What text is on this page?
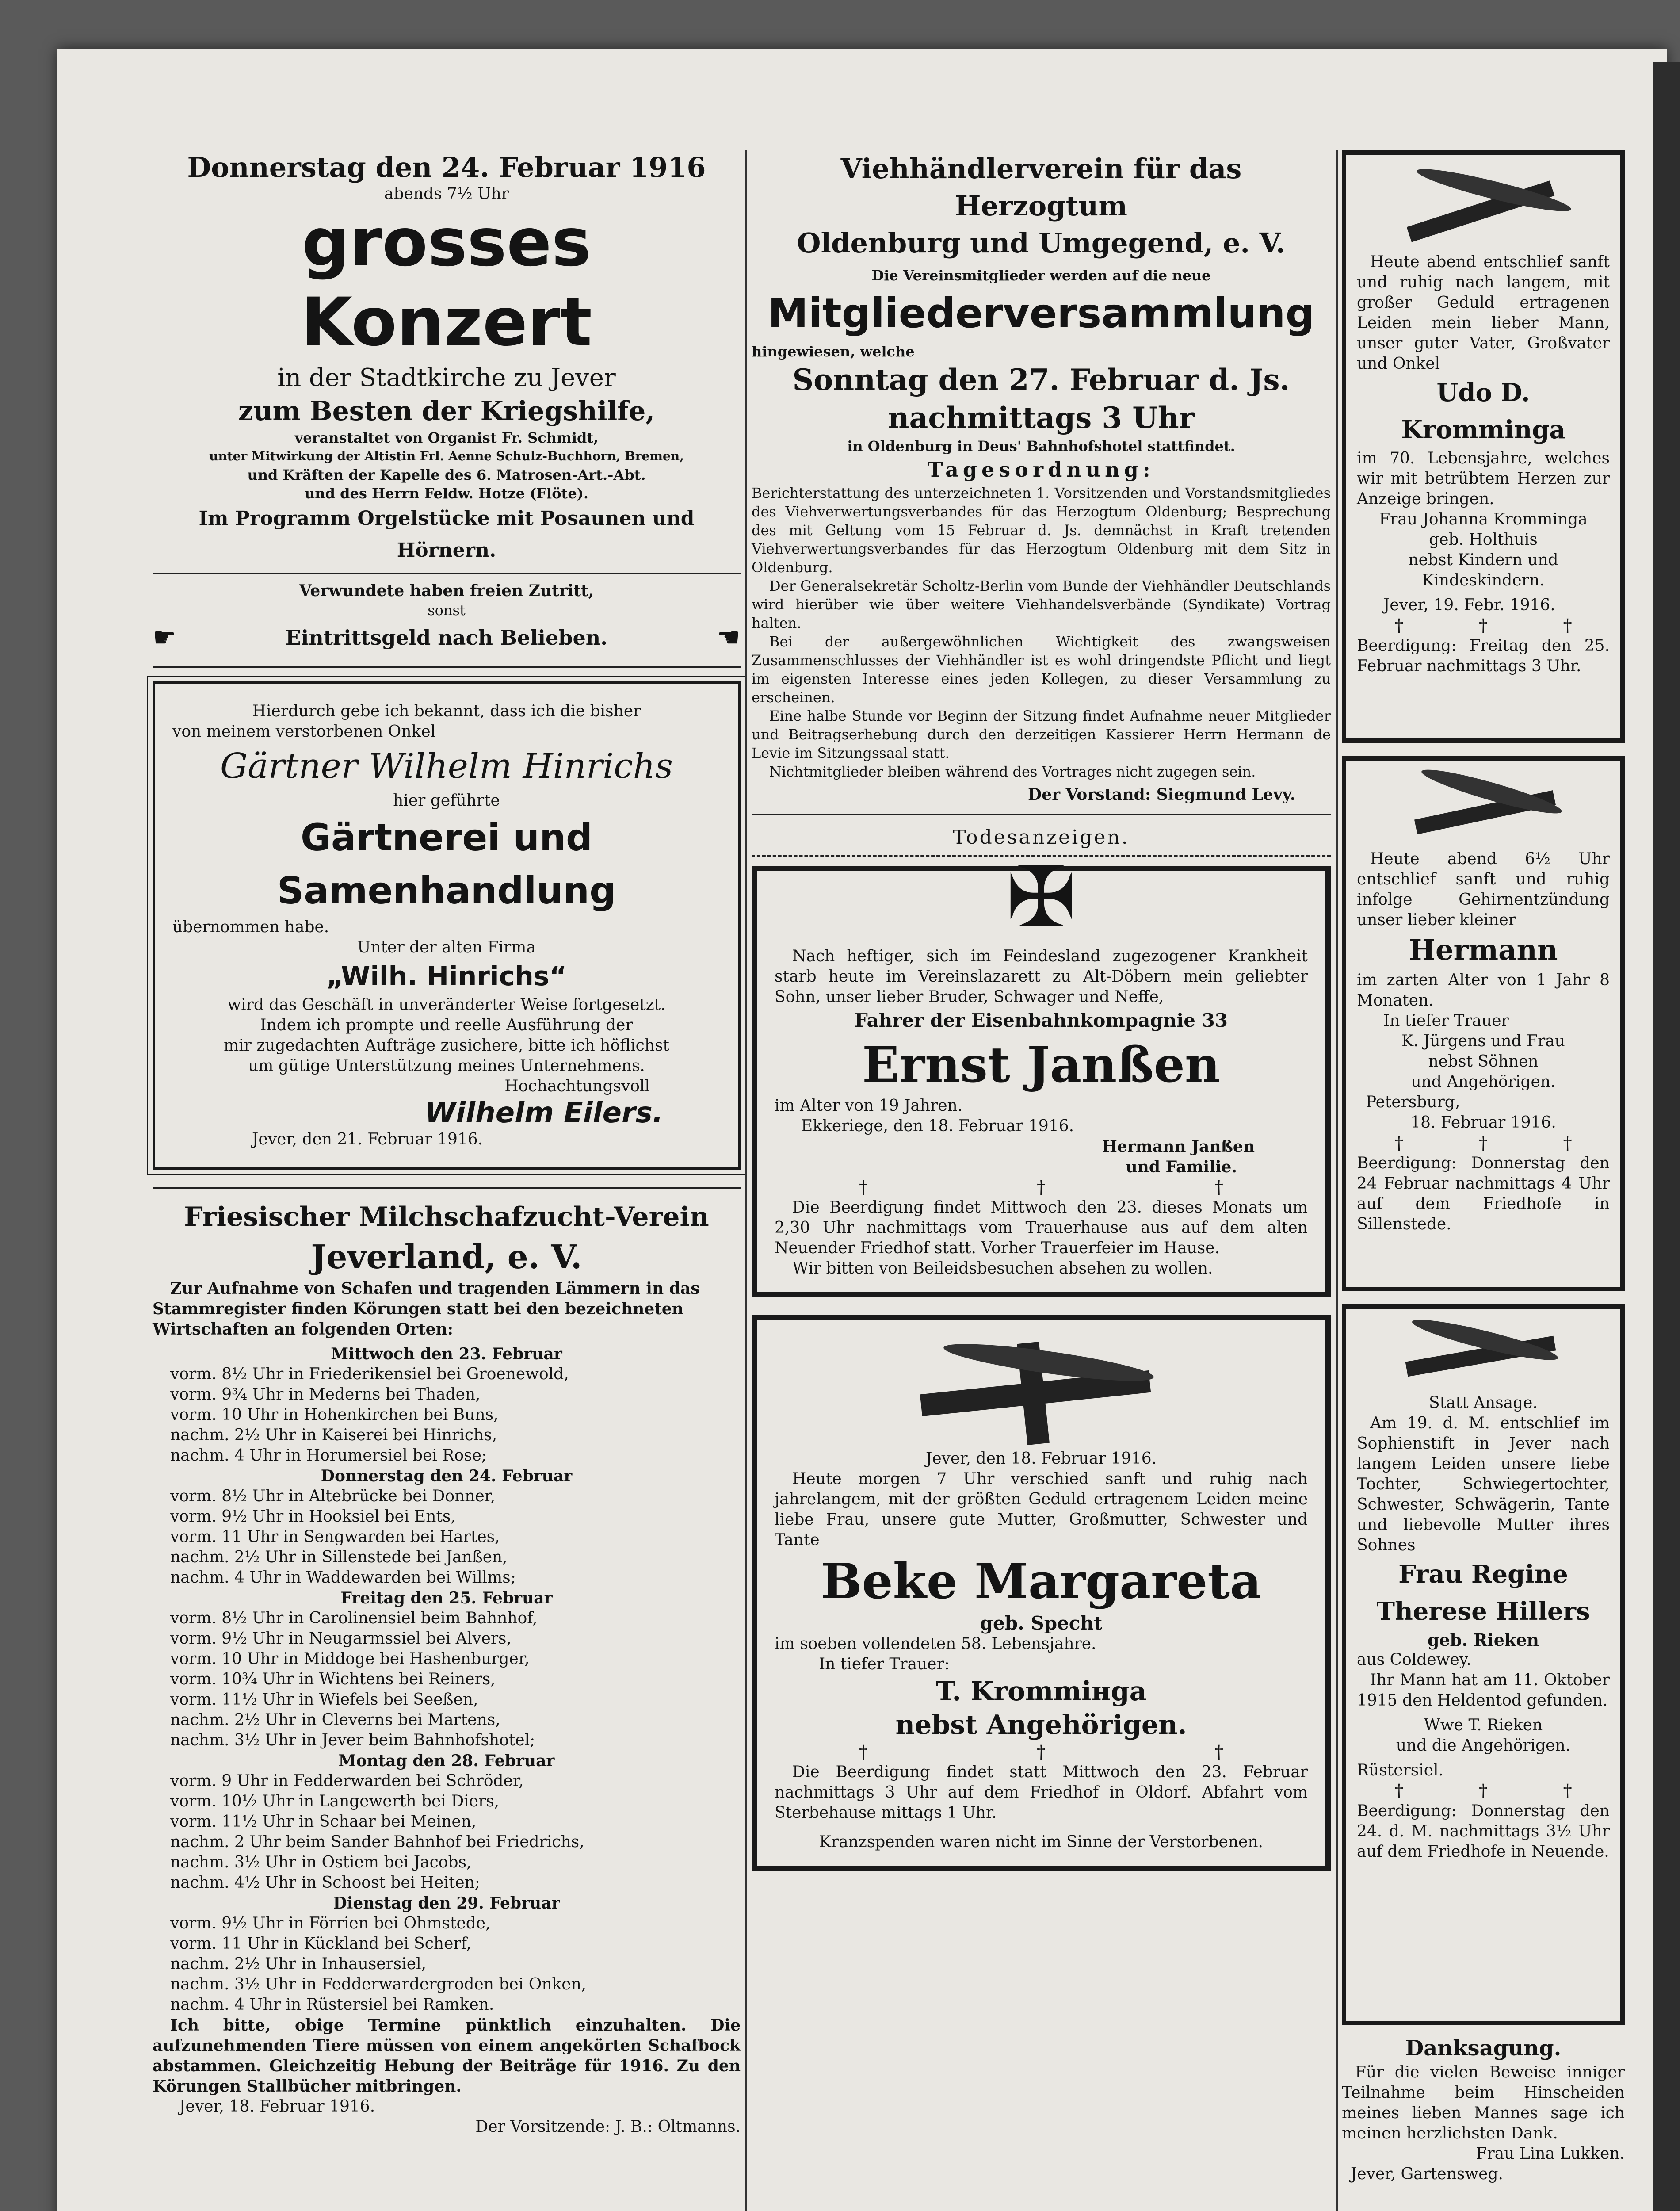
Donnerstag den 24. Februar 1916
abends 7½ Uhr
grosses Konzert
in der Stadtkirche zu Jever
zum Besten der Kriegshilfe,
veranstaltet von Organist Fr. Schmidt,
unter Mitwirkung der Altistin Frl. Aenne Schulz-Buchhorn, Bremen,
und Kräften der Kapelle des 6. Matrosen-Art.-Abt.
und des Herrn Feldw. Hotze (Flöte).
Im Programm Orgelstücke mit Posaunen und Hörnern.
Verwundete haben freien Zutritt,
sonst
☛	Eintrittsgeld nach Belieben.	☛
Hierdurch gebe ich bekannt, dass ich die bisher
von meinem verstorbenen Onkel
Gärtner Wilhelm Hinrichs
hier geführte
Gärtnerei und Samenhandlung
übernommen habe.
Unter der alten Firma
„Wilh. Hinrichs“
wird das Geschäft in unveränderter Weise fortgesetzt.
Indem ich prompte und reelle Ausführung der
mir zugedachten Aufträge zusichere, bitte ich höflichst
um gütige Unterstützung meines Unternehmens.
Hochachtungsvoll
Wilhelm Eilers.
Jever, den 21. Februar 1916.
Friesischer Milchschafzucht-Verein
Jeverland, e. V.
Zur Aufnahme von Schafen und tragenden Lämmern in das Stammregister finden Körungen statt bei den bezeichneten Wirtschaften an folgenden Orten:
Mittwoch den 23. Februar
vorm. 8½ Uhr in Friederikensiel bei Groenewold,
vorm. 9¾ Uhr in Mederns bei Thaden,
vorm. 10 Uhr in Hohenkirchen bei Buns,
nachm. 2½ Uhr in Kaiserei bei Hinrichs,
nachm. 4 Uhr in Horumersiel bei Rose;
Donnerstag den 24. Februar
vorm. 8½ Uhr in Altebrücke bei Donner,
vorm. 9½ Uhr in Hooksiel bei Ents,
vorm. 11 Uhr in Sengwarden bei Hartes,
nachm. 2½ Uhr in Sillenstede bei Janßen,
nachm. 4 Uhr in Waddewarden bei Willms;
Freitag den 25. Februar
vorm. 8½ Uhr in Carolinensiel beim Bahnhof,
vorm. 9½ Uhr in Neugarmssiel bei Alvers,
vorm. 10 Uhr in Middoge bei Hashenburger,
vorm. 10¾ Uhr in Wichtens bei Reiners,
vorm. 11½ Uhr in Wiefels bei Seeßen,
nachm. 2½ Uhr in Cleverns bei Martens,
nachm. 3½ Uhr in Jever beim Bahnhofshotel;
Montag den 28. Februar
vorm. 9 Uhr in Fedderwarden bei Schröder,
vorm. 10½ Uhr in Langewerth bei Diers,
vorm. 11½ Uhr in Schaar bei Meinen,
nachm. 2 Uhr beim Sander Bahnhof bei Friedrichs,
nachm. 3½ Uhr in Ostiem bei Jacobs,
nachm. 4½ Uhr in Schoost bei Heiten;
Dienstag den 29. Februar
vorm. 9½ Uhr in Förrien bei Ohmstede,
vorm. 11 Uhr in Kückland bei Scherf,
nachm. 2½ Uhr in Inhausersiel,
nachm. 3½ Uhr in Fedderwardergroden bei Onken,
nachm. 4 Uhr in Rüstersiel bei Ramken.
Ich bitte, obige Termine pünktlich einzuhalten. Die aufzunehmenden Tiere müssen von einem angekörten Schafbock abstammen. Gleichzeitig Hebung der Beiträge für 1916. Zu den Körungen Stallbücher mitbringen.
Jever, 18. Februar 1916.
Der Vorsitzende: J. B.: Oltmanns.
Viehhändlerverein für das Herzogtum
Oldenburg und Umgegend, e. V.
Die Vereinsmitglieder werden auf die neue
Mitgliederversammlung
hingewiesen, welche
Sonntag den 27. Februar d. Js.
nachmittags 3 Uhr
in Oldenburg in Deus' Bahnhofshotel stattfindet.
Tagesordnung:
Berichterstattung des unterzeichneten 1. Vorsitzenden und Vorstandsmitgliedes des Viehverwertungsverbandes für das Herzogtum Oldenburg; Besprechung des mit Geltung vom 15 Februar d. Js. demnächst in Kraft tretenden Viehverwertungsverbandes für das Herzogtum Oldenburg mit dem Sitz in Oldenburg.
Der Generalsekretär Scholtz-Berlin vom Bunde der Viehhändler Deutschlands wird hierüber wie über weitere Viehhandelsverbände (Syndikate) Vortrag halten.
Bei der außergewöhnlichen Wichtigkeit des zwangsweisen Zusammenschlusses der Viehhändler ist es wohl dringendste Pflicht und liegt im eigensten Interesse eines jeden Kollegen, zu dieser Versammlung zu erscheinen.
Eine halbe Stunde vor Beginn der Sitzung findet Aufnahme neuer Mitglieder und Beitragserhebung durch den derzeitigen Kassierer Herrn Hermann de Levie im Sitzungssaal statt.
Nichtmitglieder bleiben während des Vortrages nicht zugegen sein.
Der Vorstand: Siegmund Levy.
Todesanzeigen.
✠
Nach heftiger, sich im Feindesland zugezogener Krankheit starb heute im Vereinslazarett zu Alt-Döbern mein geliebter Sohn, unser lieber Bruder, Schwager und Neffe,
Fahrer der Eisenbahnkompagnie 33
Ernst Janßen
im Alter von 19 Jahren.
Ekkeriege, den 18. Februar 1916.
Hermann Janßen
und Familie.
†	†	†
Die Beerdigung findet Mittwoch den 23. dieses Monats um 2,30 Uhr nachmittags vom Trauerhause aus auf dem alten Neuender Friedhof statt. Vorher Trauerfeier im Hause.
Wir bitten von Beileidsbesuchen absehen zu wollen.
Jever, den 18. Februar 1916.
Heute morgen 7 Uhr verschied sanft und ruhig nach jahrelangem, mit der größten Geduld ertragenem Leiden meine liebe Frau, unsere gute Mutter, Großmutter, Schwester und Tante
Beke Margareta
geb. Specht
im soeben vollendeten 58. Lebensjahre.
In tiefer Trauer:
T. Krommінga
nebst Angehörigen.
†	†	†
Die Beerdigung findet statt Mittwoch den 23. Februar nachmittags 3 Uhr auf dem Friedhof in Oldorf. Abfahrt vom Sterbehause mittags 1 Uhr.
Kranzspenden waren nicht im Sinne der Verstorbenen.
Heute abend entschlief sanft und ruhig nach langem, mit großer Geduld ertragenen Leiden mein lieber Mann, unser guter Vater, Großvater und Onkel
Udo D. Kromminga
im 70. Lebensjahre, welches wir mit betrübtem Herzen zur Anzeige bringen.
Frau Johanna Kromminga
geb. Holthuis
nebst Kindern und Kindeskindern.
Jever, 19. Febr. 1916.
†	†	†
Beerdigung: Freitag den 25. Februar nachmittags 3 Uhr.
Heute abend 6½ Uhr entschlief sanft und ruhig infolge Gehirnentzündung unser lieber kleiner
Hermann
im zarten Alter von 1 Jahr 8 Monaten.
In tiefer Trauer
K. Jürgens und Frau
nebst Söhnen
und Angehörigen.
Petersburg,
18. Februar 1916.
†	†	†
Beerdigung: Donnerstag den 24 Februar nachmittags 4 Uhr auf dem Friedhofe in Sillenstede.
Statt Ansage.
Am 19. d. M. entschlief im Sophienstift in Jever nach langem Leiden unsere liebe Tochter, Schwiegertochter, Schwester, Schwägerin, Tante und liebevolle Mutter ihres Sohnes
Frau Regine
Therese Hillers
geb. Rieken
aus Coldewey.
Ihr Mann hat am 11. Oktober 1915 den Heldentod gefunden.
Wwe T. Rieken
und die Angehörigen.
Rüstersiel.
†	†	†
Beerdigung: Donnerstag den 24. d. M. nachmittags 3½ Uhr auf dem Friedhofe in Neuende.
Danksagung.
Für die vielen Beweise inniger Teilnahme beim Hinscheiden meines lieben Mannes sage ich meinen herzlichsten Dank.
Frau Lina Lukken.
Jever, Gartensweg.
